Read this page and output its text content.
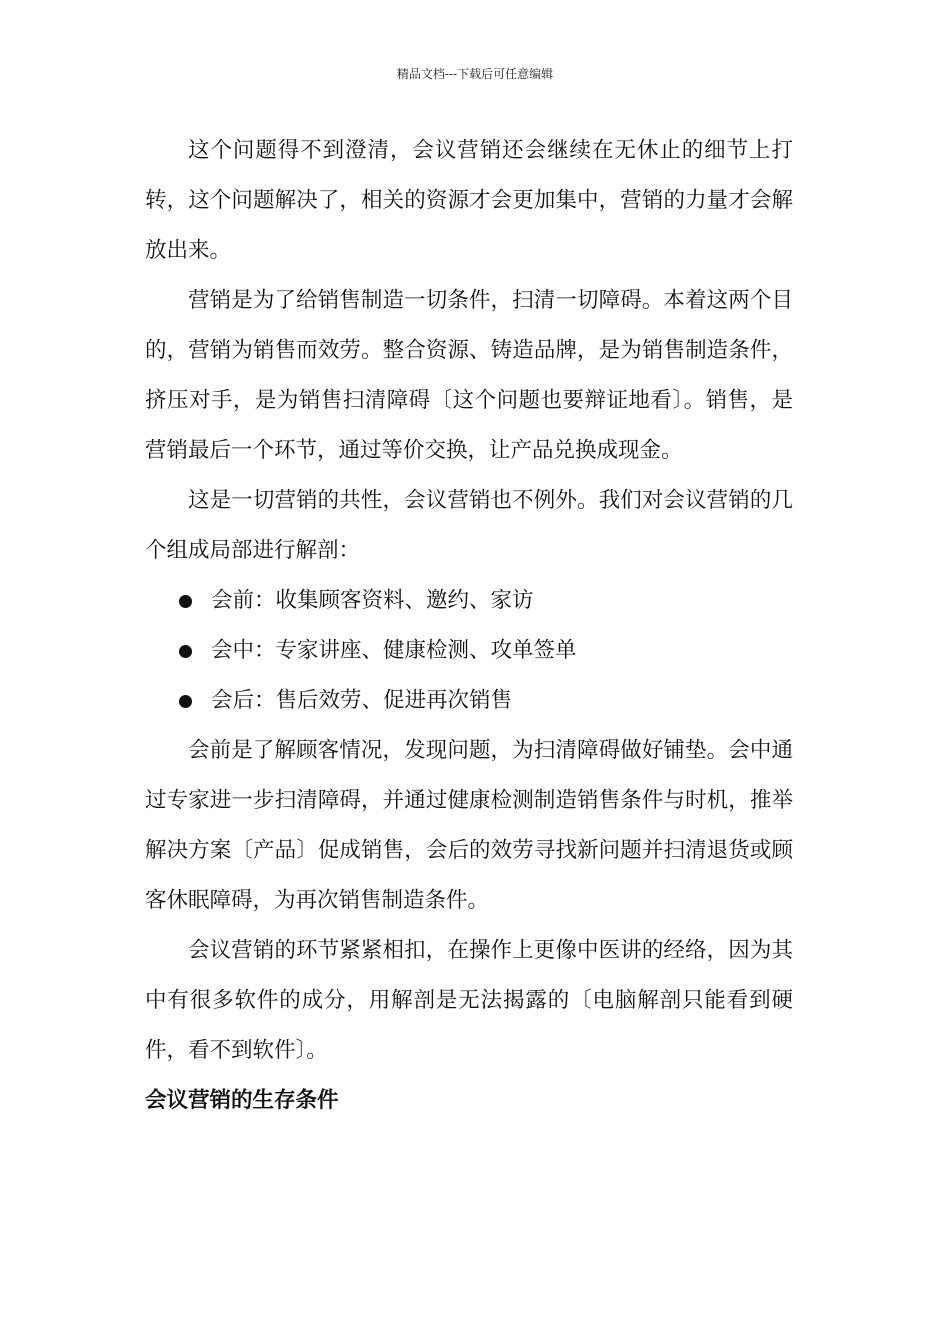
精品文档---下载后可任意编辑

这个问题得不到澄清，会议营销还会继续在无休止的细节上打转，这个问题解决了，相关的资源才会更加集中，营销的力量才会解放出来。

营销是为了给销售制造一切条件，扫清一切障碍。本着这两个目的，营销为销售而效劳。整合资源、铸造品牌，是为销售制造条件，挤压对手，是为销售扫清障碍〔这个问题也要辩证地看〕。销售，是营销最后一个环节，通过等价交换，让产品兑换成现金。

这是一切营销的共性，会议营销也不例外。我们对会议营销的几个组成局部进行解剖：

会前：收集顾客资料、邀约、家访
会中：专家讲座、健康检测、攻单签单
会后：售后效劳、促进再次销售

会前是了解顾客情况，发现问题，为扫清障碍做好铺垫。会中通过专家进一步扫清障碍，并通过健康检测制造销售条件与时机，推举解决方案〔产品〕促成销售，会后的效劳寻找新问题并扫清退货或顾客休眠障碍，为再次销售制造条件。

会议营销的环节紧紧相扣，在操作上更像中医讲的经络，因为其中有很多软件的成分，用解剖是无法揭露的〔电脑解剖只能看到硬件，看不到软件〕。

会议营销的生存条件
